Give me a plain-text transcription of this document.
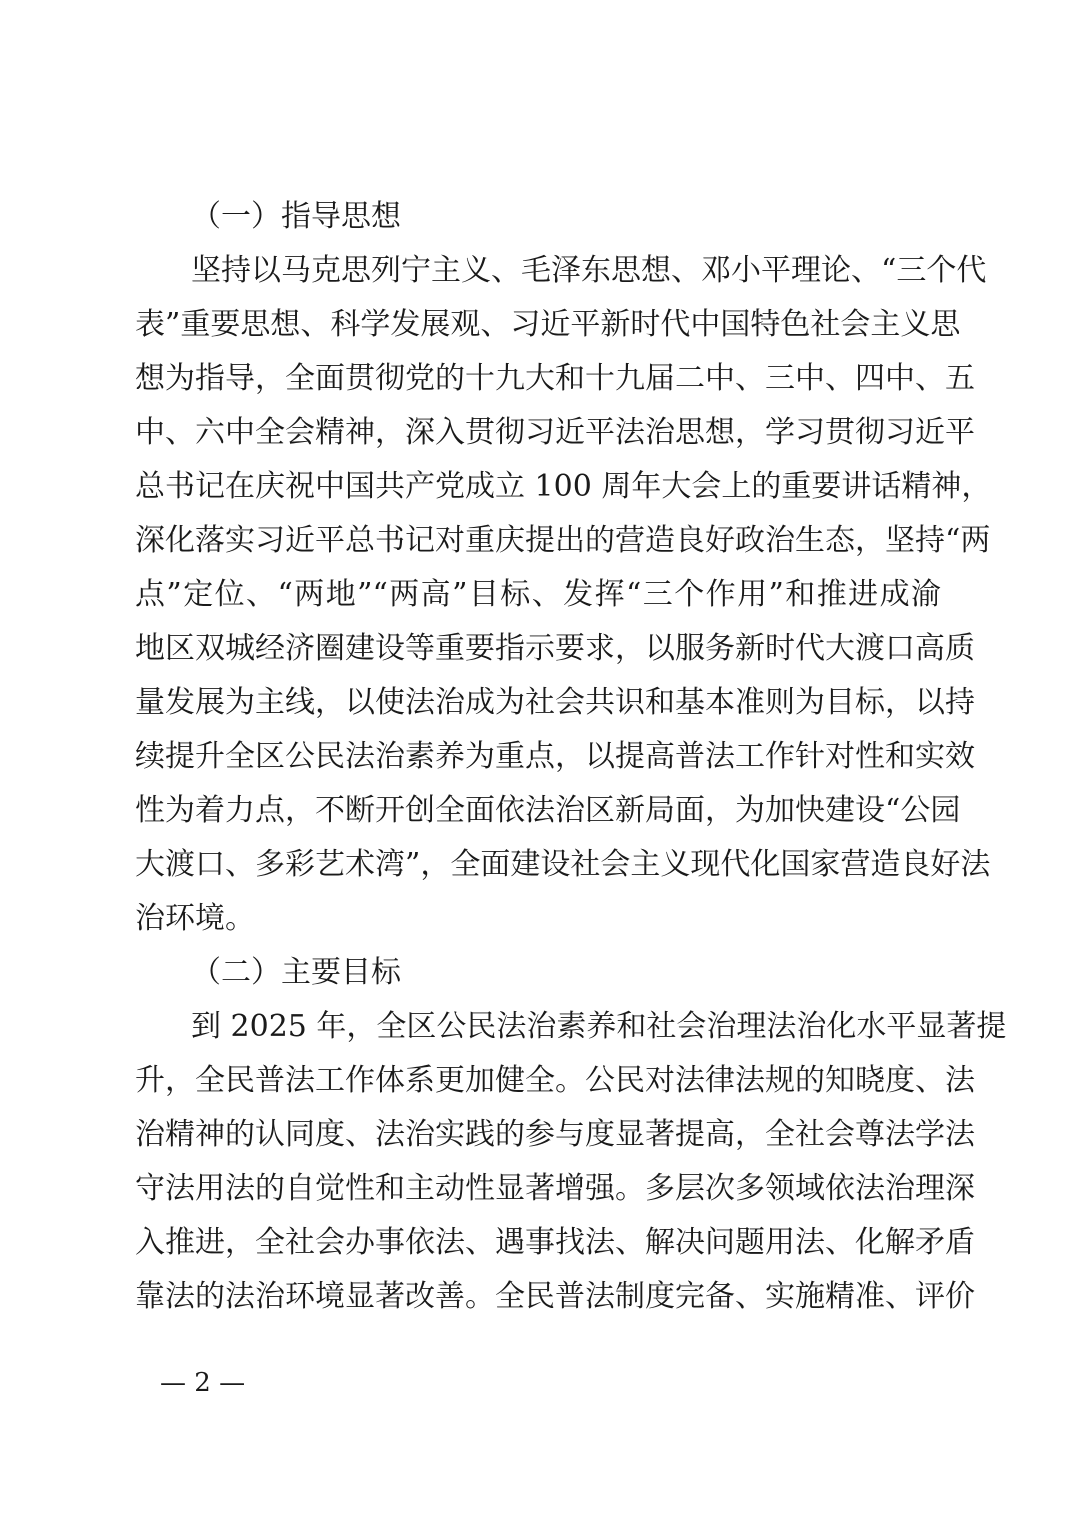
（一）指导思想
坚持以马克思列宁主义、毛泽东思想、邓小平理论、“三个代
表”重要思想、科学发展观、习近平新时代中国特色社会主义思
想为指导，全面贯彻党的十九大和十九届二中、三中、四中、五
中、六中全会精神，深入贯彻习近平法治思想，学习贯彻习近平
总书记在庆祝中国共产党成立 100 周年大会上的重要讲话精神，
深化落实习近平总书记对重庆提出的营造良好政治生态，坚持“两
点”定位、“两地”“两高”目标、发挥“三个作用”和推进成渝
地区双城经济圈建设等重要指示要求，以服务新时代大渡口高质
量发展为主线，以使法治成为社会共识和基本准则为目标，以持
续提升全区公民法治素养为重点，以提高普法工作针对性和实效
性为着力点，不断开创全面依法治区新局面，为加快建设“公园
大渡口、多彩艺术湾”，全面建设社会主义现代化国家营造良好法
治环境。
（二）主要目标
到 2025 年，全区公民法治素养和社会治理法治化水平显著提
升，全民普法工作体系更加健全。公民对法律法规的知晓度、法
治精神的认同度、法治实践的参与度显著提高，全社会尊法学法
守法用法的自觉性和主动性显著增强。多层次多领域依法治理深
入推进，全社会办事依法、遇事找法、解决问题用法、化解矛盾
靠法的法治环境显著改善。全民普法制度完备、实施精准、评价
— 2 —
